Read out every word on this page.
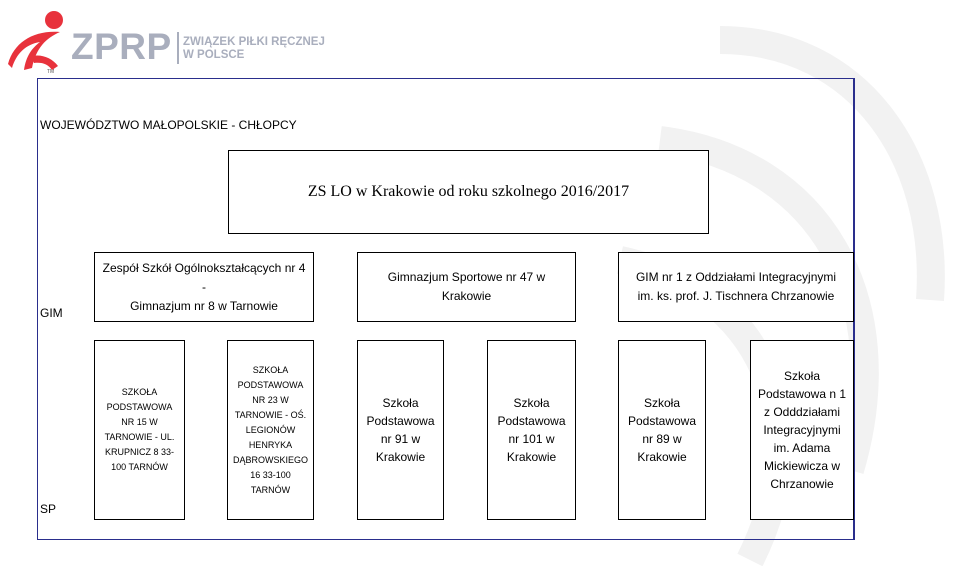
ZPRP ZWIĄZEK PIŁKI RĘCZNEJ
W POLSCE
TM
WOJEWÓDZTWO MAŁOPOLSKIE - CHŁOPCY
ZS LO w Krakowie od roku szkolnego 2016/2017
GIM
SP
Zespół Szkół Ogólnokształcących nr 4 -
Gimnazjum nr 8 w Tarnowie
Gimnazjum Sportowe nr 47 w
Krakowie
GIM nr 1 z Oddziałami Integracyjnymi
im. ks. prof. J. Tischnera Chrzanowie
SZKOŁA
PODSTAWOWA
NR 15 W
TARNOWIE - UL.
KRUPNICZ 8 33-
100 TARNÓW
SZKOŁA
PODSTAWOWA
NR 23 W
TARNOWIE - OŚ.
LEGIONÓW
HENRYKA
DĄBROWSKIEGO
16 33-100
TARNÓW
Szkoła
Podstawowa
nr 91 w
Krakowie
Szkoła
Podstawowa
nr 101 w
Krakowie
Szkoła
Podstawowa
nr 89 w
Krakowie
Szkoła
Podstawowa n 1
z Odddziałami
Integracyjnymi
im. Adama
Mickiewicza w
Chrzanowie
